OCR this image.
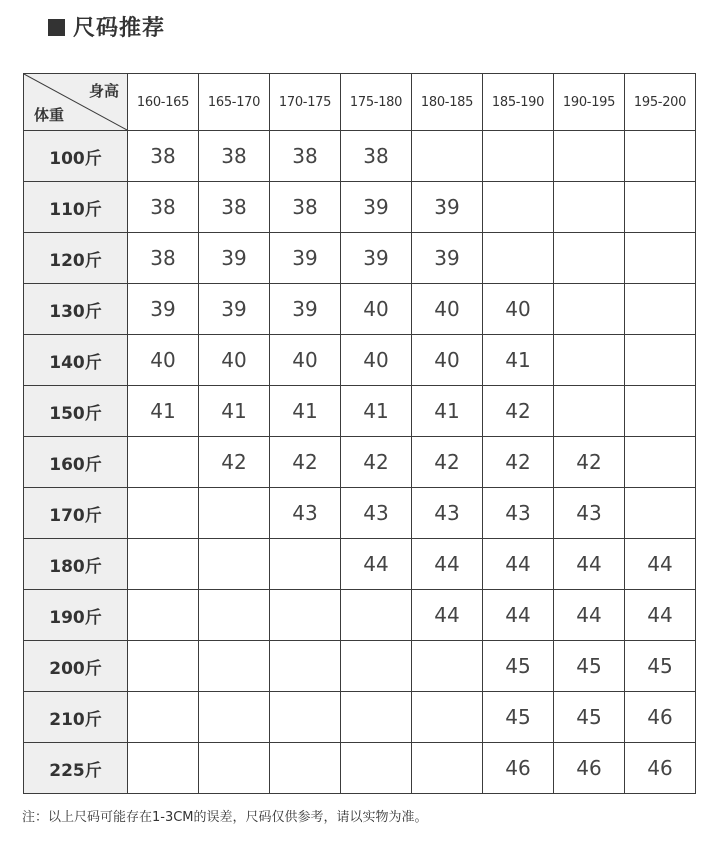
尺码推荐
身高
体重	160-165	165-170	170-175	175-180	180-185	185-190	190-195	195-200
100斤	38	38	38	38				
110斤	38	38	38	39	39			
120斤	38	39	39	39	39			
130斤	39	39	39	40	40	40		
140斤	40	40	40	40	40	41		
150斤	41	41	41	41	41	42		
160斤		42	42	42	42	42	42	
170斤			43	43	43	43	43	
180斤				44	44	44	44	44
190斤					44	44	44	44
200斤						45	45	45
210斤						45	45	46
225斤						46	46	46
注：以上尺码可能存在1-3CM的误差，尺码仅供参考，请以实物为准。
